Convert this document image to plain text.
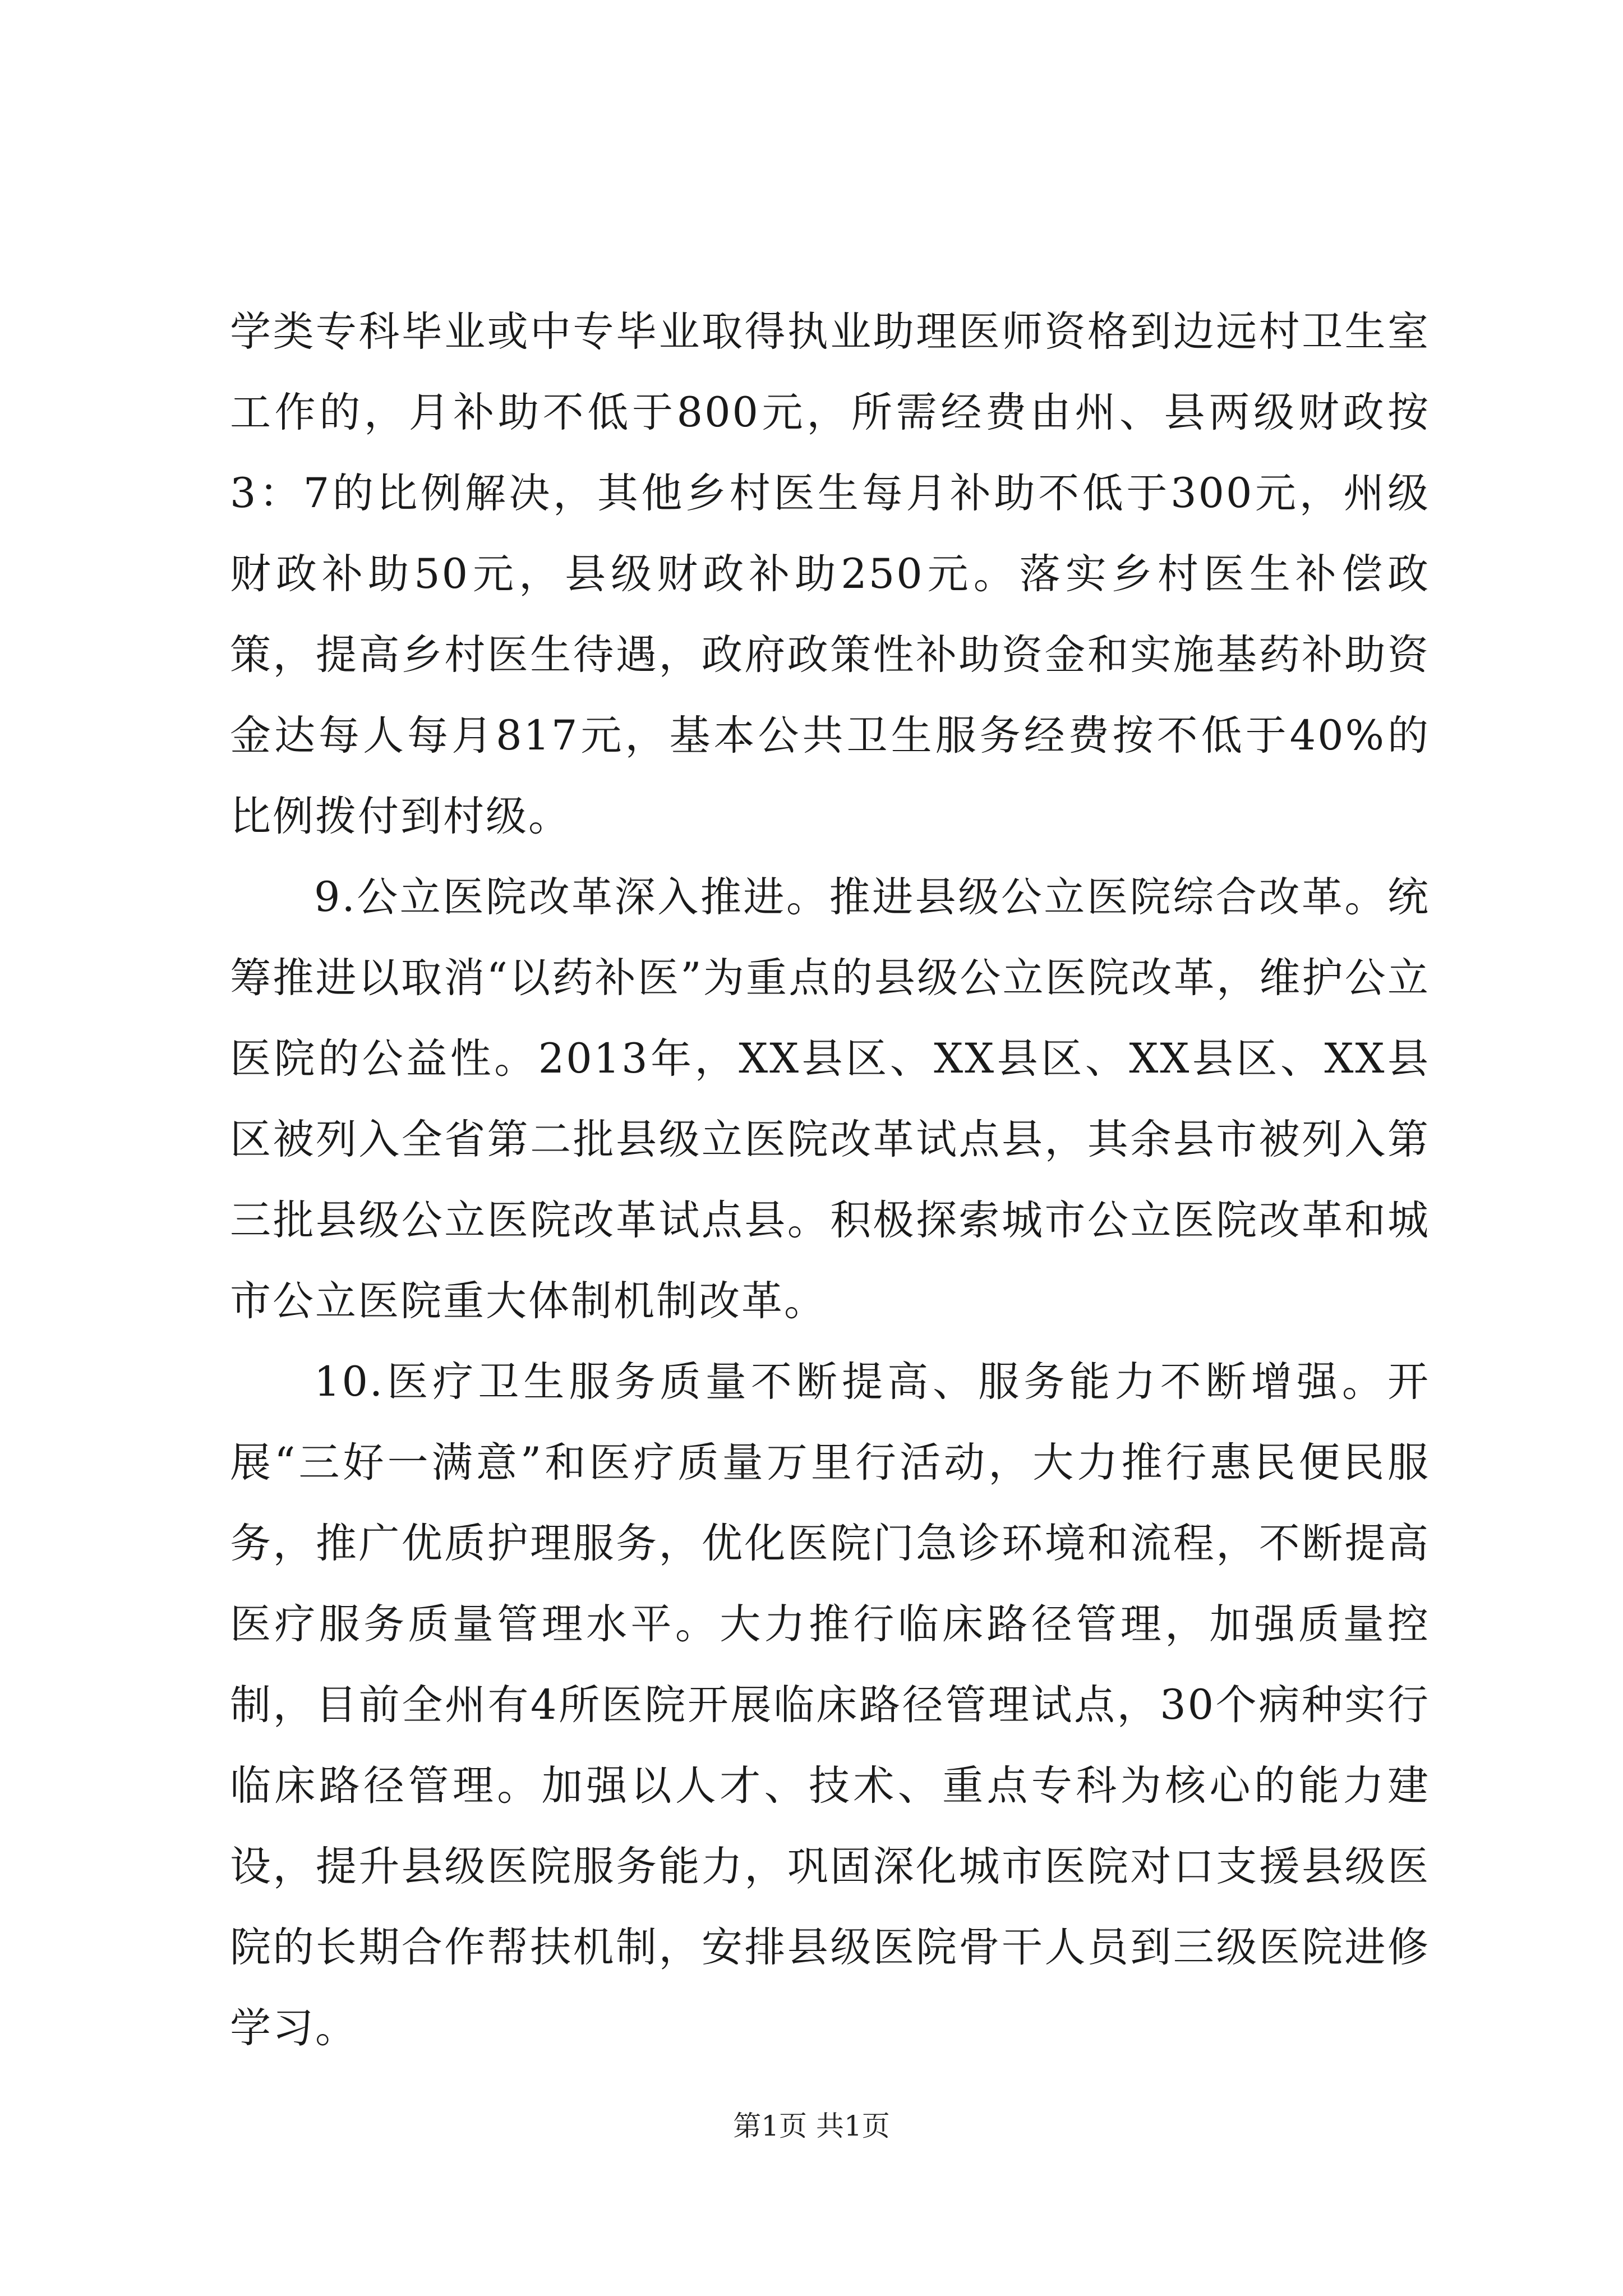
学类专科毕业或中专毕业取得执业助理医师资格到边远村卫生室工作的，月补助不低于800元，所需经费由州、县两级财政按3：7的比例解决，其他乡村医生每月补助不低于300元，州级财政补助50元，县级财政补助250元。落实乡村医生补偿政策，提高乡村医生待遇，政府政策性补助资金和实施基药补助资金达每人每月817元，基本公共卫生服务经费按不低于40%的比例拨付到村级。

9.公立医院改革深入推进。推进县级公立医院综合改革。统筹推进以取消“以药补医”为重点的县级公立医院改革，维护公立医院的公益性。2013年，XX县区、XX县区、XX县区、XX县区被列入全省第二批县级立医院改革试点县，其余县市被列入第三批县级公立医院改革试点县。积极探索城市公立医院改革和城市公立医院重大体制机制改革。

10.医疗卫生服务质量不断提高、服务能力不断增强。开展“三好一满意”和医疗质量万里行活动，大力推行惠民便民服务，推广优质护理服务，优化医院门急诊环境和流程，不断提高医疗服务质量管理水平。大力推行临床路径管理，加强质量控制，目前全州有4所医院开展临床路径管理试点，30个病种实行临床路径管理。加强以人才、技术、重点专科为核心的能力建设，提升县级医院服务能力，巩固深化城市医院对口支援县级医院的长期合作帮扶机制，安排县级医院骨干人员到三级医院进修学习。

第1页 共1页
